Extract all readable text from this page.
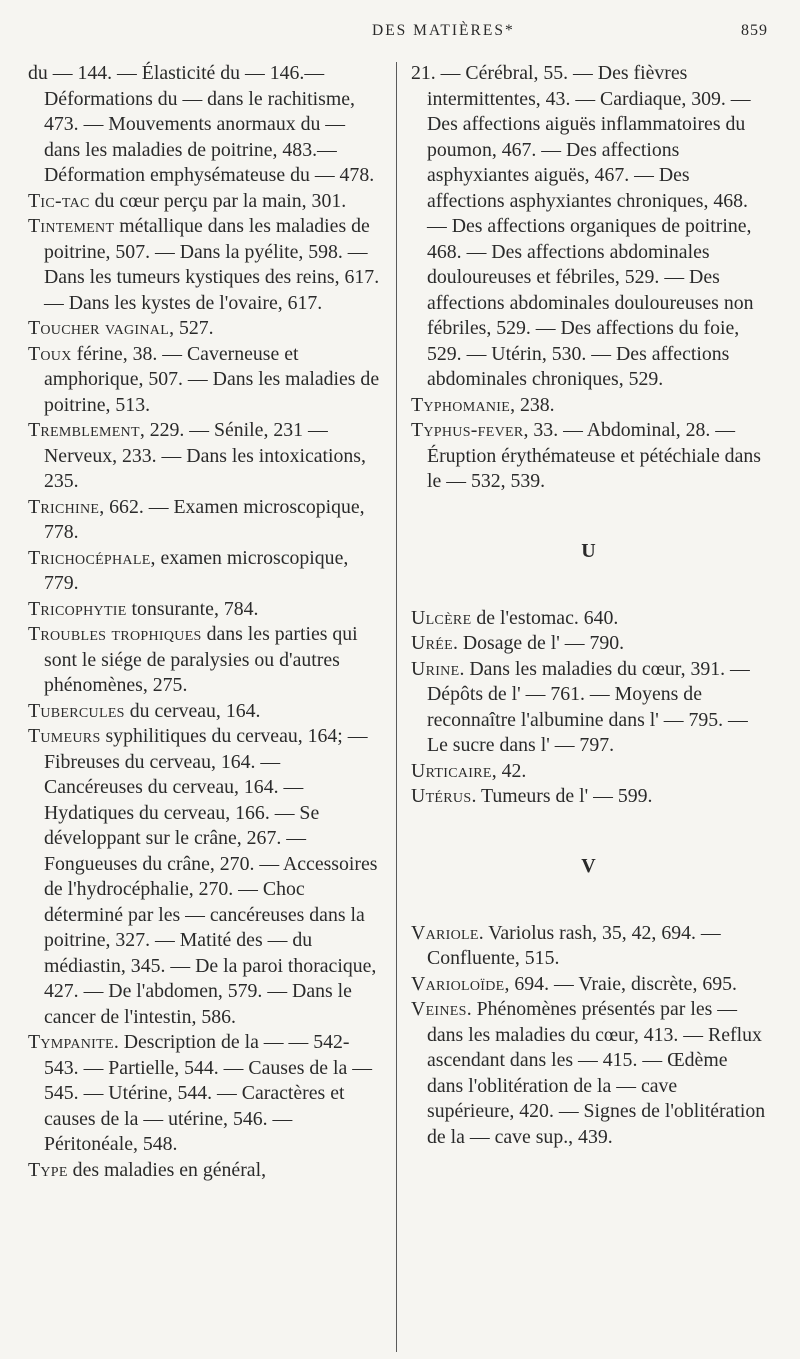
DES MATIÈRES*	859

du — 144. — Élasticité du — 146.— Déformations du — dans le rachitisme, 473. — Mouvements anormaux du — dans les maladies de poitrine, 483.— Déformation emphysémateuse du — 478.

Tic-tac du cœur perçu par la main, 301.

Tintement métallique dans les maladies de poitrine, 507. — Dans la pyélite, 598. — Dans les tumeurs kystiques des reins, 617. — Dans les kystes de l'ovaire, 617.

Toucher vaginal, 527.

Toux férine, 38. — Caverneuse et amphorique, 507. — Dans les maladies de poitrine, 513.

Tremblement, 229. — Sénile, 231 — Nerveux, 233. — Dans les intoxications, 235.

Trichine, 662. — Examen microscopique, 778.

Trichocéphale, examen microscopique, 779.

Tricophytie tonsurante, 784.

Troubles trophiques dans les parties qui sont le siége de paralysies ou d'autres phénomènes, 275.

Tubercules du cerveau, 164.

Tumeurs syphilitiques du cerveau, 164; — Fibreuses du cerveau, 164. — Cancéreuses du cerveau, 164. — Hydatiques du cerveau, 166. — Se développant sur le crâne, 267. — Fongueuses du crâne, 270. — Accessoires de l'hydrocéphalie, 270. — Choc déterminé par les — cancéreuses dans la poitrine, 327. — Matité des — du médiastin, 345. — De la paroi thoracique, 427. — De l'abdomen, 579. — Dans le cancer de l'intestin, 586.

Tympanite. Description de la — — 542-543. — Partielle, 544. — Causes de la — 545. — Utérine, 544. — Caractères et causes de la — utérine, 546. — Péritonéale, 548.

Type des maladies en général,

21. — Cérébral, 55. — Des fièvres intermittentes, 43. — Cardiaque, 309. — Des affections aiguës inflammatoires du poumon, 467. — Des affections asphyxiantes aiguës, 467. — Des affections asphyxiantes chroniques, 468. — Des affections organiques de poitrine, 468. — Des affections abdominales douloureuses et fébriles, 529. — Des affections abdominales douloureuses non fébriles, 529. — Des affections du foie, 529. — Utérin, 530. — Des affections abdominales chroniques, 529.

Typhomanie, 238.

Typhus-fever, 33. — Abdominal, 28. — Éruption érythémateuse et pétéchiale dans le — 532, 539.

U

Ulcère de l'estomac. 640.

Urée. Dosage de l' — 790.

Urine. Dans les maladies du cœur, 391. — Dépôts de l' — 761. — Moyens de reconnaître l'albumine dans l' — 795. — Le sucre dans l' — 797.

Urticaire, 42.

Utérus. Tumeurs de l' — 599.

V

Variole. Variolus rash, 35, 42, 694. — Confluente, 515.

Varioloïde, 694. — Vraie, discrète, 695.

Veines. Phénomènes présentés par les — dans les maladies du cœur, 413. — Reflux ascendant dans les — 415. — Œdème dans l'oblitération de la — cave supérieure, 420. — Signes de l'oblitération de la — cave sup., 439.
